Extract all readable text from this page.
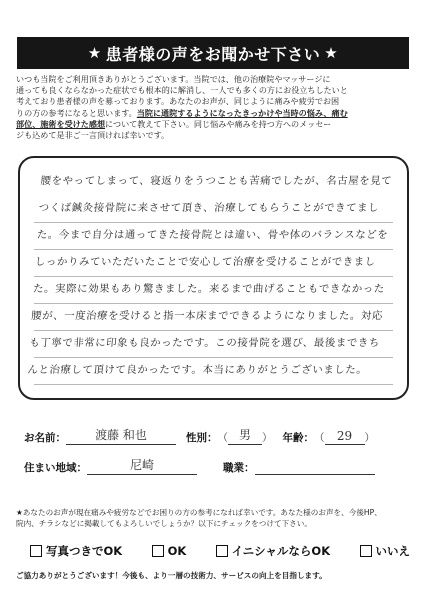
★ 患者様の声をお聞かせ下さい ★
いつも当院をご利用頂きありがとうございます。当院では、他の治療院やマッサージに
通っても良くならなかった症状でも根本的に解消し、一人でも多くの方にお役立ちしたいと
考えており患者様の声を募っております。あなたのお声が、同じように痛みや疲労でお困
りの方の参考になると思います。当院に通院するようになったきっかけや当時の悩み、痛む
部位、施術を受けた感想について教えて下さい。同じ悩みや痛みを持つ方へのメッセー
ジも込めて是非ご一言頂ければ幸いです。
腰をやってしまって、寝返りをうつことも苦痛でしたが、名古屋を見てつくば鍼灸接骨院に来させて頂き、治療してもらうことができてました。今まで自分は通ってきた接骨院とは違い、骨や体のバランスなどをしっかりみていただいたことで安心して治療を受けることができました。実際に効果もあり驚きました。来るまで曲げることもできなかった腰が、一度治療を受けると指一本床までできるようになりました。対応も丁寧で非常に印象も良かったです。この接骨院を選び、最後まできちんと治療して頂けて良かったです。本当にありがとうございました。
お名前：	渡藤 和也	性別： （ 男	） 年齢： （	29	）
住まい地域：	尼崎	職業：
★あなたのお声が現在痛みや疲労などでお困りの方の参考になれば幸いです。あなた様のお声を、今後HP、
院内、チラシなどに掲載してもよろしいでしょうか？以下にチェックをつけて下さい。
写真つきでOK	OK	イニシャルならOK	いいえ
ご協力ありがとうございます！今後も、より一層の技術力、サービスの向上を目指します。
